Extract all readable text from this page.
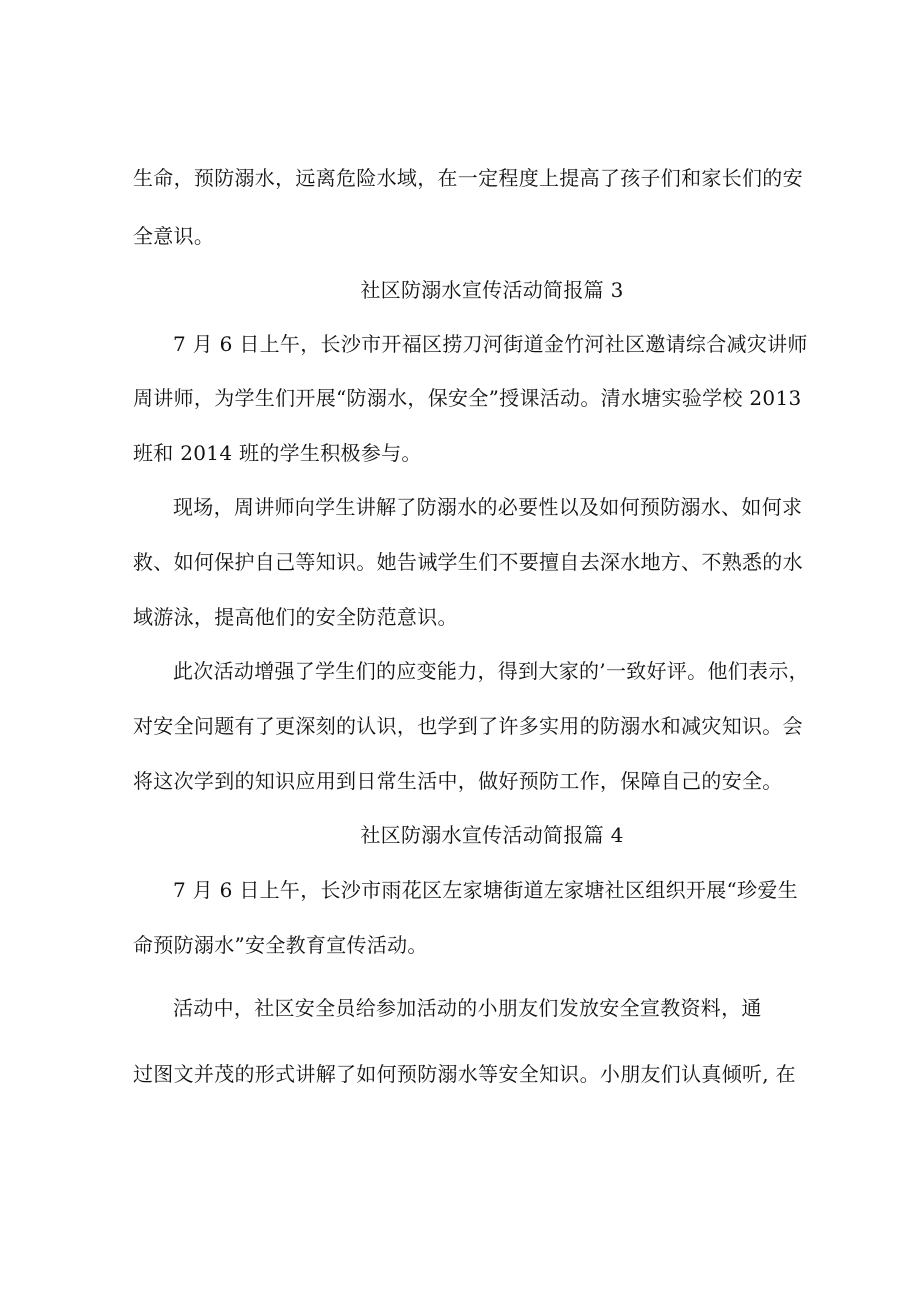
生命，预防溺水，远离危险水域，在一定程度上提高了孩子们和家长们的安
全意识。
社区防溺水宣传活动简报篇 3
7 月 6 日上午，长沙市开福区捞刀河街道金竹河社区邀请综合减灾讲师
周讲师，为学生们开展“防溺水，保安全”授课活动。清水塘实验学校 2013
班和 2014 班的学生积极参与。
现场，周讲师向学生讲解了防溺水的必要性以及如何预防溺水、如何求
救、如何保护自己等知识。她告诫学生们不要擅自去深水地方、不熟悉的水
域游泳，提高他们的安全防范意识。
此次活动增强了学生们的应变能力，得到大家的’一致好评。他们表示，
对安全问题有了更深刻的认识，也学到了许多实用的防溺水和减灾知识。会
将这次学到的知识应用到日常生活中，做好预防工作，保障自己的安全。
社区防溺水宣传活动简报篇 4
7 月 6 日上午，长沙市雨花区左家塘街道左家塘社区组织开展“珍爱生
命预防溺水”安全教育宣传活动。
活动中，社区安全员给参加活动的小朋友们发放安全宣教资料，通
过图文并茂的形式讲解了如何预防溺水等安全知识。小朋友们认真倾听, 在
